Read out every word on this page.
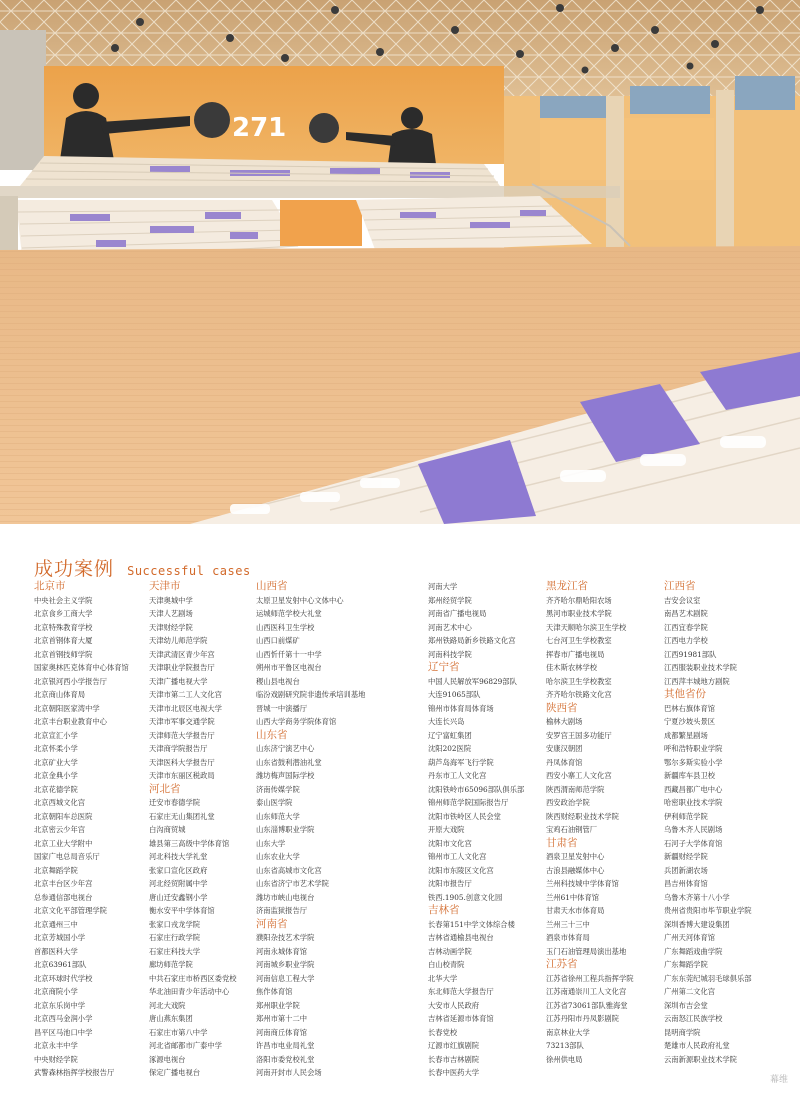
271
成功案例 Successful cases
北京市
中央社会主义学院
北京食乡工商大学
北京特殊教育学校
北京首钢体育大厦
北京首钢技师学院
国家奥林匹克体育中心体育馆
北京银河西小学报告厅
北京商山体育局
北京朝阳医家湾中学
北京丰台职业教育中心
北京宣汇小学
北京怀柔小学
北京矿业大学
北京金典小学
北京花德学院
北京西城文化宫
北京朝阳车总医院
北京密云少年宫
北京工业大学附中
国家广电总局音乐厅
北京舞蹈学院
北京丰台区少年宫
总参通信部电视台
北京文化平部管理学院
北京通州三中
北京芳城国小学
首都医科大学
北京63961部队
北京环球时代学校
北京商院小学
北京东乐岗中学
北京西马金润小学
昌平区马池口中学
北京永丰中学
中央财经学院
武警森林指挥学校报告厅
天津市
天津奥城中学
天津人艺剧场
天津财经学院
天津幼儿师范学院
天津武清区青少年宫
天津职业学院报告厅
天津广播电视大学
天津市第二工人文化宫
天津市北辰区电视大学
天津市军事交通学院
天津师范大学报告厅
天津商学院报告厅
天津医科大学报告厅
天津市东丽区税政局
河北省
迁安市春德学院
石家庄无山集团礼堂
白沟商贸城
雄县第三高级中学体育馆
河北科技大学礼堂
张家口宣化区政府
河北经贸附属中学
唐山迁安鑫钢小学
衡水安平中学体育馆
张家口戎龙学院
石家庄行政学院
石家庄科技大学
廊坊师范学院
中共石家庄市桥西区委党校
华北油田青少年活动中心
河北大戏院
唐山燕东集团
石家庄市第八中学
河北省邮都市广泰中学
涿源电视台
保定广播电视台
山西省
太原卫星发射中心文体中心
运城师范学校大礼堂
山西医科卫生学校
山西口前煤矿
山西忻仟第十一中学
朔州市平鲁区电视台
稷山县电视台
临汾戏剧研究院非遗传承培训基地
晋城一中演播厅
山西大学商务学院体育馆
山东省
山东济宁演艺中心
山东省鼓利潜油礼堂
潍坊梅声国际学校
济南传媒学院
泰山医学院
山东师范大学
山东淄博职业学院
山东大学
山东农业大学
山东省高城市文化宫
山东省济宁市艺术学院
潍坊市峡山电视台
济南监狱报告厅
河南省
濮阳杂技艺术学院
河南永城体育馆
河南城乡职业学院
河南信息工程大学
焦作体育馆
郑州职业学院
郑州市第十二中
河南商丘体育馆
许昌市电业局礼堂
洛阳市委党校礼堂
河南开封市人民会场
河南大学
郑州经贸学院
河南省广播电视局
河南艺术中心
郑州铁路局新乡铁路文化宫
河南科技学院
辽宁省
中国人民解放军96829部队
大连91065部队
锦州市体育局体育场
大连长兴岛
辽宁富虹集团
沈阳202医院
葫芦岛海军飞行学院
丹东市工人文化宫
沈阳铁岭市65096部队俱乐部
锦州师范学院国际报告厅
沈阳市铁岭区人民会堂
开原大戏院
沈阳市文化宫
锦州市工人文化宫
沈阳市东陵区文化宫
沈阳市报告厅
铁西.1905.创意文化园
吉林省
长春第151中学文体综合楼
吉林省通榆县电视台
吉林动画学院
白山校青院
北华大学
东北师范大学报告厅
大安市人民政府
吉林省延源市体育馆
长春党校
辽源市红旗剧院
长春市吉林剧院
长春中医药大学
黑龙江省
齐齐哈尔鼎哈阳农场
黑河市职业技术学院
天津天顺哈尔滨卫生学校
七台河卫生学校教室
挥春市广播电视局
佳木斯农林学校
哈尔滨卫生学校教室
齐齐哈尔铁路文化宫
陕西省
榆林大剧场
安罗宫王国多功能厅
安康汉朝团
丹凤体育馆
西安小寨工人文化宫
陕西渭南师范学院
西安政治学院
陕西财经职业技术学院
宝鸡石油钢管厂
甘肃省
酒泉卫星发射中心
古浪县融媒体中心
兰州科技城中学体育馆
兰州61中体育馆
甘肃天水市体育局
兰州三十三中
酒泉市体育局
玉门石油管理局演出基地
江苏省
江苏省徐州工程兵指挥学院
江苏南通崇川工人文化宫
江苏省73061部队雅海堂
江苏丹阳市丹凤影剧院
南京林业大学
73213部队
徐州供电局
江西省
吉安会议室
南昌艺术剧院
江西宜春学院
江西电力学校
江西91981部队
江西服装职业技术学院
江西萍丰城地方剧院
其他省份
巴林右旗体育馆
宁夏沙坡头景区
成都繁星剧场
呼和浩特职业学院
鄂尔多斯实验小学
新疆库车县卫校
西藏昌都广电中心
哈密职业技术学院
伊利师范学院
乌鲁木齐人民剧场
石河子大学体育馆
新疆财经学院
兵团新湖农场
昌吉州体育馆
乌鲁木齐第十八小学
贵州省贵阳市毕节职业学院
深圳香博大建设集团
广州天河体育馆
广东舞蹈戏曲学院
广东舞蹈学院
广东东莞纪城羽毛球俱乐部
广州第二文化宫
深圳布吉会堂
云南怒江民族学校
昆明商学院
楚雄市人民政府礼堂
云南新源职业技术学院
幕维
